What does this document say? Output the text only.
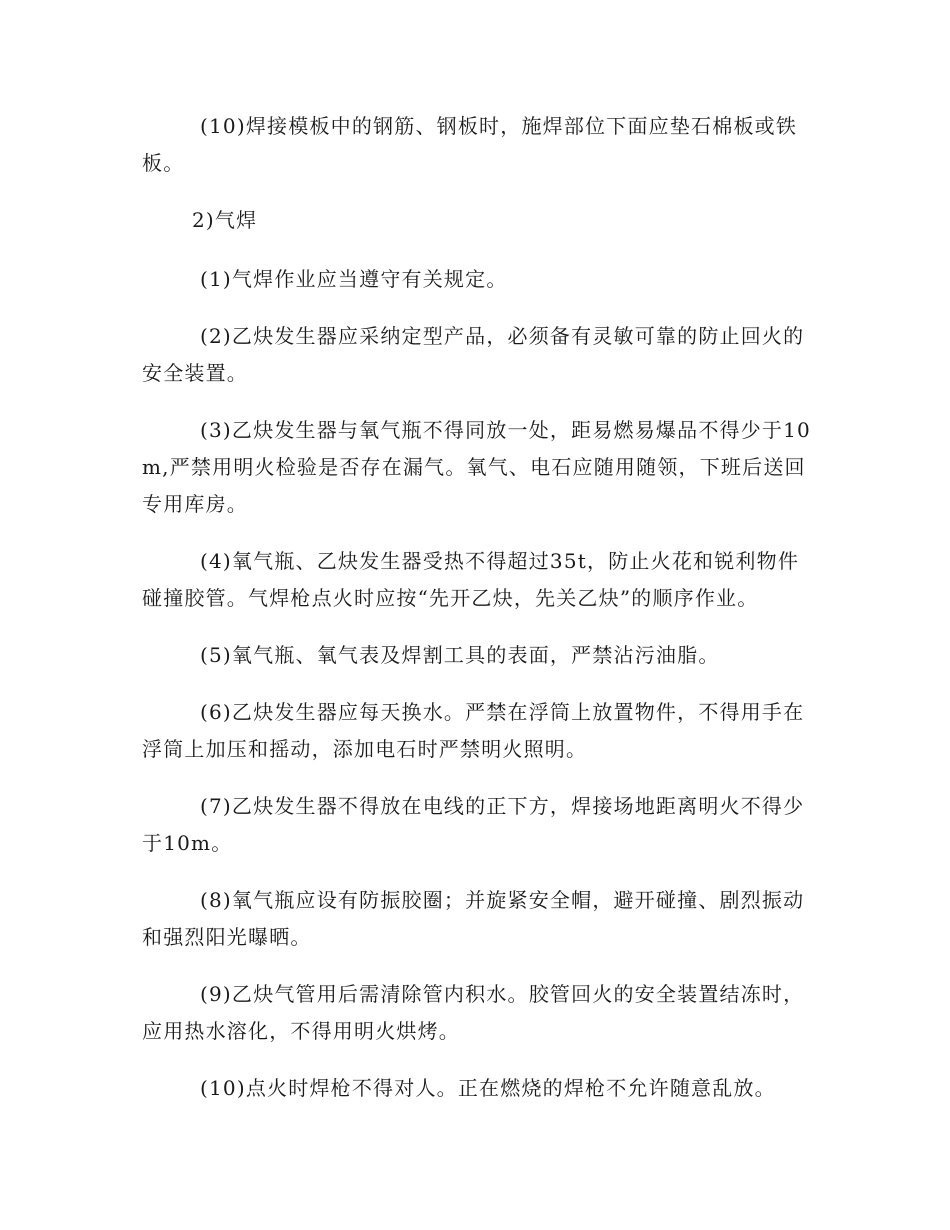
(10)焊接模板中的钢筋、钢板时，施焊部位下面应垫石棉板或铁板。

2)气焊

(1)气焊作业应当遵守有关规定。

(2)乙炔发生器应采纳定型产品，必须备有灵敏可靠的防止回火的安全装置。

(3)乙炔发生器与氧气瓶不得同放一处，距易燃易爆品不得少于10m,严禁用明火检验是否存在漏气。氧气、电石应随用随领，下班后送回专用库房。

(4)氧气瓶、乙炔发生器受热不得超过35t，防止火花和锐利物件碰撞胶管。气焊枪点火时应按“先开乙炔，先关乙炔”的顺序作业。

(5)氧气瓶、氧气表及焊割工具的表面，严禁沾污油脂。

(6)乙炔发生器应每天换水。严禁在浮筒上放置物件，不得用手在浮筒上加压和摇动，添加电石时严禁明火照明。

(7)乙炔发生器不得放在电线的正下方，焊接场地距离明火不得少于10m。

(8)氧气瓶应设有防振胶圈；并旋紧安全帽，避开碰撞、剧烈振动和强烈阳光曝晒。

(9)乙炔气管用后需清除管内积水。胶管回火的安全装置结冻时，应用热水溶化，不得用明火烘烤。

(10)点火时焊枪不得对人。正在燃烧的焊枪不允许随意乱放。
